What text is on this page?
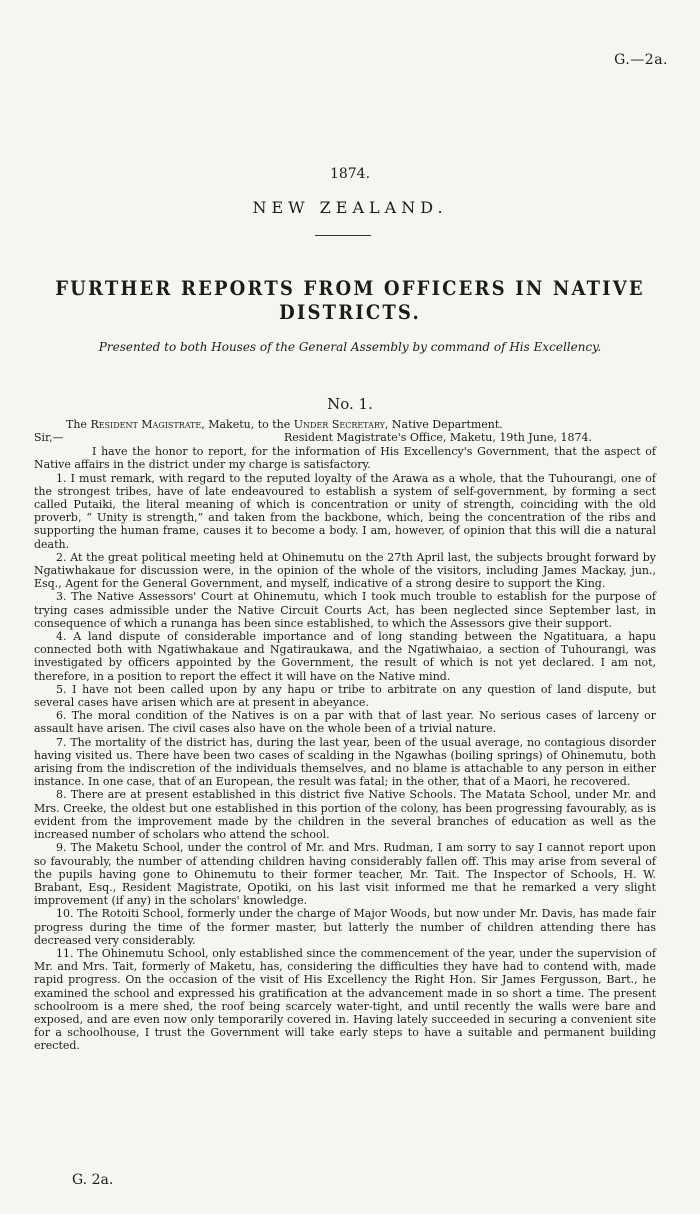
G.—2a.
1874.
NEW ZEALAND.
FURTHER REPORTS FROM OFFICERS IN NATIVE DISTRICTS.
Presented to both Houses of the General Assembly by command of His Excellency.
No. 1.
The Resident Magistrate, Maketu, to the Under Secretary, Native Department.
Sir,—	Resident Magistrate's Office, Maketu, 19th June, 1874.
I have the honor to report, for the information of His Excellency's Government, that the aspect of Native affairs in the district under my charge is satisfactory.
1. I must remark, with regard to the reputed loyalty of the Arawa as a whole, that the Tuhourangi, one of the strongest tribes, have of late endeavoured to establish a system of self-government, by forming a sect called Putaiki, the literal meaning of which is concentration or unity of strength, coinciding with the old proverb, “ Unity is strength,” and taken from the backbone, which, being the concentration of the ribs and supporting the human frame, causes it to become a body. I am, however, of opinion that this will die a natural death.
2. At the great political meeting held at Ohinemutu on the 27th April last, the subjects brought forward by Ngatiwhakaue for discussion were, in the opinion of the whole of the visitors, including James Mackay, jun., Esq., Agent for the General Government, and myself, indicative of a strong desire to support the King.
3. The Native Assessors' Court at Ohinemutu, which I took much trouble to establish for the purpose of trying cases admissible under the Native Circuit Courts Act, has been neglected since September last, in consequence of which a runanga has been since established, to which the Assessors give their support.
4. A land dispute of considerable importance and of long standing between the Ngatituara, a hapu connected both with Ngatiwhakaue and Ngatiraukawa, and the Ngatiwhaiao, a section of Tuhourangi, was investigated by officers appointed by the Government, the result of which is not yet declared. I am not, therefore, in a position to report the effect it will have on the Native mind.
5. I have not been called upon by any hapu or tribe to arbitrate on any question of land dispute, but several cases have arisen which are at present in abeyance.
6. The moral condition of the Natives is on a par with that of last year. No serious cases of larceny or assault have arisen. The civil cases also have on the whole been of a trivial nature.
7. The mortality of the district has, during the last year, been of the usual average, no contagious disorder having visited us. There have been two cases of scalding in the Ngawhas (boiling springs) of Ohinemutu, both arising from the indiscretion of the individuals themselves, and no blame is attachable to any person in either instance. In one case, that of an European, the result was fatal; in the other, that of a Maori, he recovered.
8. There are at present established in this district five Native Schools. The Matata School, under Mr. and Mrs. Creeke, the oldest but one established in this portion of the colony, has been progressing favourably, as is evident from the improvement made by the children in the several branches of education as well as the increased number of scholars who attend the school.
9. The Maketu School, under the control of Mr. and Mrs. Rudman, I am sorry to say I cannot report upon so favourably, the number of attending children having considerably fallen off. This may arise from several of the pupils having gone to Ohinemutu to their former teacher, Mr. Tait. The Inspector of Schools, H. W. Brabant, Esq., Resident Magistrate, Opotiki, on his last visit informed me that he remarked a very slight improvement (if any) in the scholars' knowledge.
10. The Rotoiti School, formerly under the charge of Major Woods, but now under Mr. Davis, has made fair progress during the time of the former master, but latterly the number of children attending there has decreased very considerably.
11. The Ohinemutu School, only established since the commencement of the year, under the supervision of Mr. and Mrs. Tait, formerly of Maketu, has, considering the difficulties they have had to contend with, made rapid progress. On the occasion of the visit of His Excellency the Right Hon. Sir James Fergusson, Bart., he examined the school and expressed his gratification at the advancement made in so short a time. The present schoolroom is a mere shed, the roof being scarcely water-tight, and until recently the walls were bare and exposed, and are even now only temporarily covered in. Having lately succeeded in securing a convenient site for a schoolhouse, I trust the Government will take early steps to have a suitable and permanent building erected.
G. 2a.
